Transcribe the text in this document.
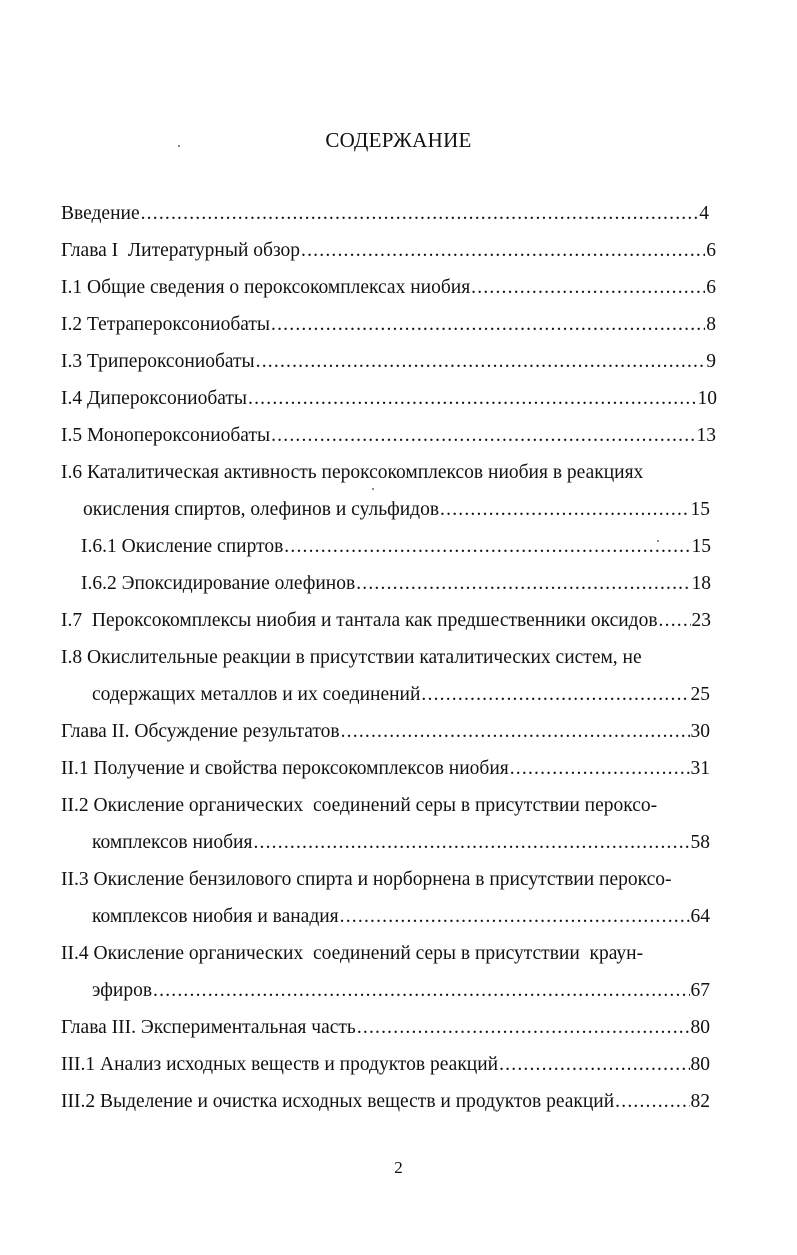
СОДЕРЖАНИЕ
Введение .....	4
Глава I  Литературный обзор .....	6
I.1 Общие сведения о пероксокомплексах ниобия .....	6
I.2 Тетрапероксониобаты .....	8
I.3 Трипероксониобаты .....	9
I.4 Дипероксониобаты .....	10
I.5 Монопероксониобаты .....	13
I.6 Каталитическая активность пероксокомплексов ниобия в реакциях
окисления спиртов, олефинов и сульфидов .....	15
I.6.1 Окисление спиртов .....	15
I.6.2 Эпоксидирование олефинов .....	18
I.7  Пероксокомплексы ниобия и тантала как предшественники оксидов ..... 23
I.8 Окислительные реакции в присутствии каталитических систем, не
содержащих металлов и их соединений .....	25
Глава II. Обсуждение результатов .....	30
II.1 Получение и свойства пероксокомплексов ниобия .....	31
II.2 Окисление органических  соединений серы в присутствии пероксо-
комплексов ниобия .....	58
II.3 Окисление бензилового спирта и норборнена в присутствии пероксо-
комплексов ниобия и ванадия .....	64
II.4 Окисление органических  соединений серы в присутствии  краун-
эфиров .....	67
Глава III. Экспериментальная часть .....	80
III.1 Анализ исходных веществ и продуктов реакций .....	80
III.2 Выделение и очистка исходных веществ и продуктов реакций .....	82
2
